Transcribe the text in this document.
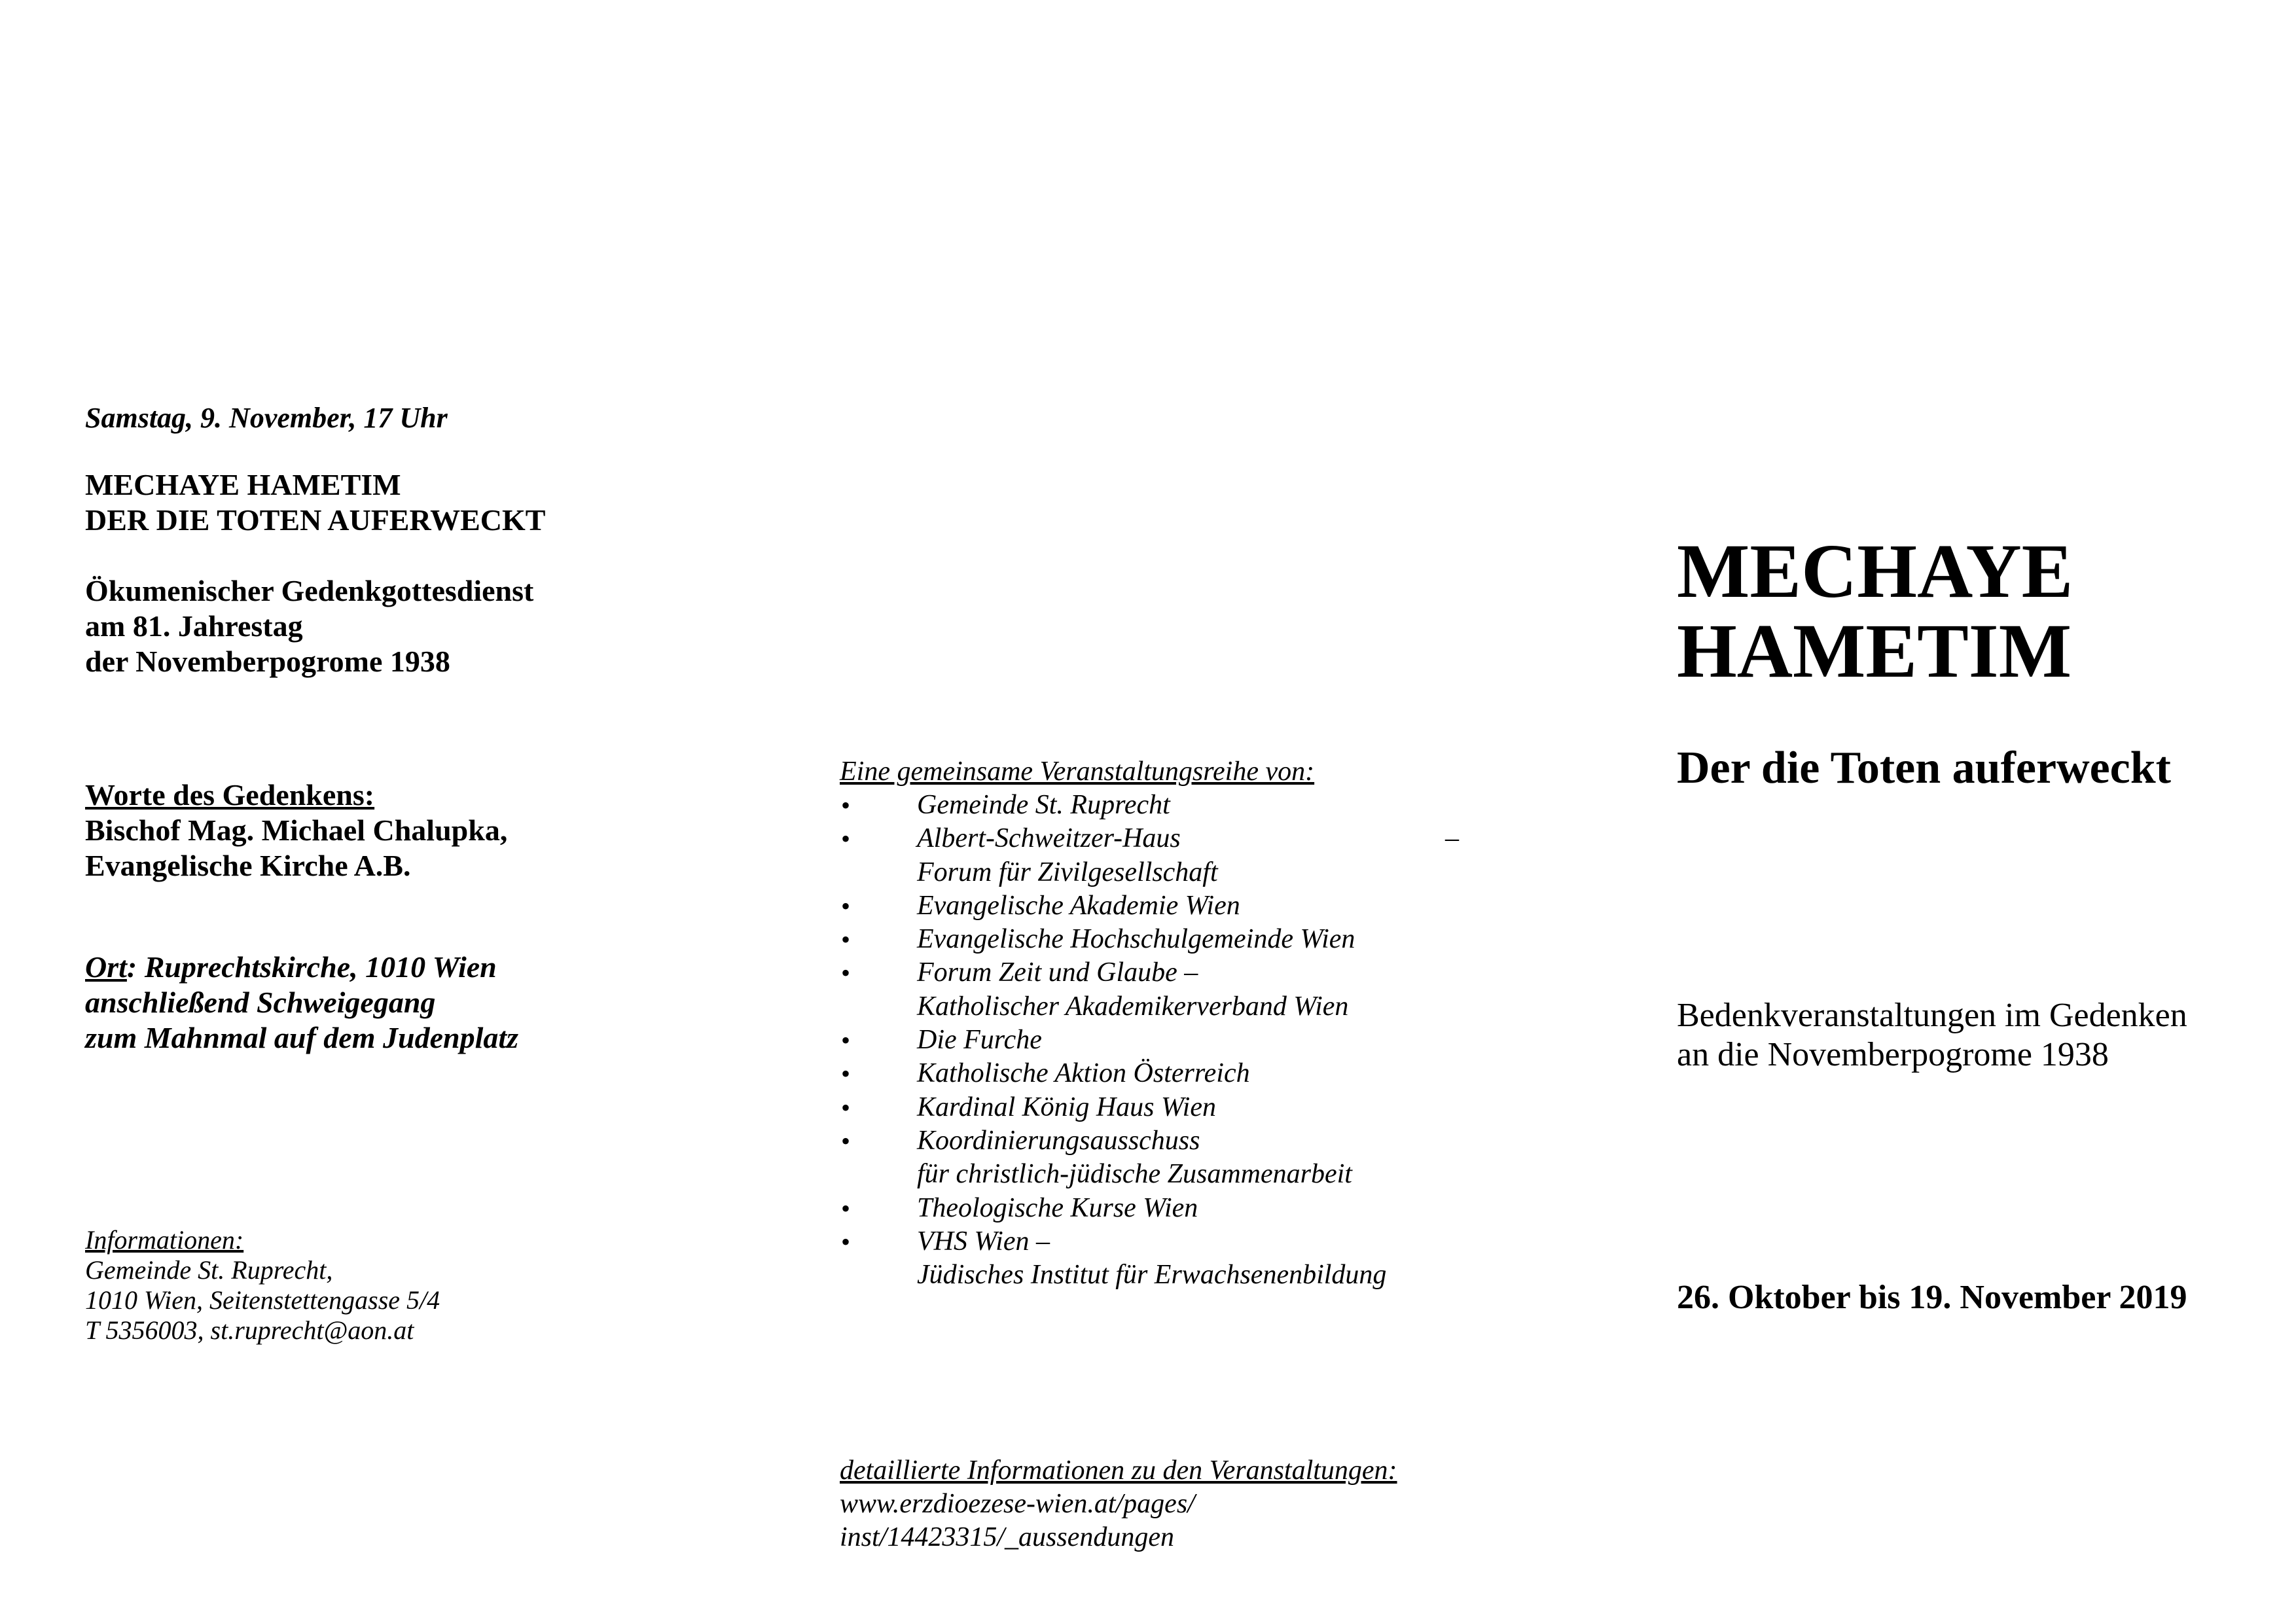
Samstag, 9. November, 17 Uhr
MECHAYE HAMETIM
DER DIE TOTEN AUFERWECKT
Ökumenischer Gedenkgottesdienst
am 81. Jahrestag
der Novemberpogrome 1938
Worte des Gedenkens:
Bischof Mag. Michael Chalupka,
Evangelische Kirche A.B.
Ort: Ruprechtskirche, 1010 Wien
anschließend Schweigegang
zum Mahnmal auf dem Judenplatz
Informationen:
Gemeinde St. Ruprecht,
1010 Wien, Seitenstettengasse 5/4
T 5356003, st.ruprecht@aon.at
Eine gemeinsame Veranstaltungsreihe von:
• Gemeinde St. Ruprecht
• Albert-Schweitzer-Haus	–
Forum für Zivilgesellschaft
• Evangelische Akademie Wien
• Evangelische Hochschulgemeinde Wien
• Forum Zeit und Glaube –
Katholischer Akademikerverband Wien
• Die Furche
• Katholische Aktion Österreich
• Kardinal König Haus Wien
• Koordinierungsausschuss
für christlich-jüdische Zusammenarbeit
• Theologische Kurse Wien
• VHS Wien –
Jüdisches Institut für Erwachsenenbildung
detaillierte Informationen zu den Veranstaltungen:
www.erzdioezese-wien.at/pages/
inst/14423315/_aussendungen
MECHAYE
HAMETIM
Der die Toten auferweckt
Bedenkveranstaltungen im Gedenken
an die Novemberpogrome 1938
26. Oktober bis 19. November 2019
